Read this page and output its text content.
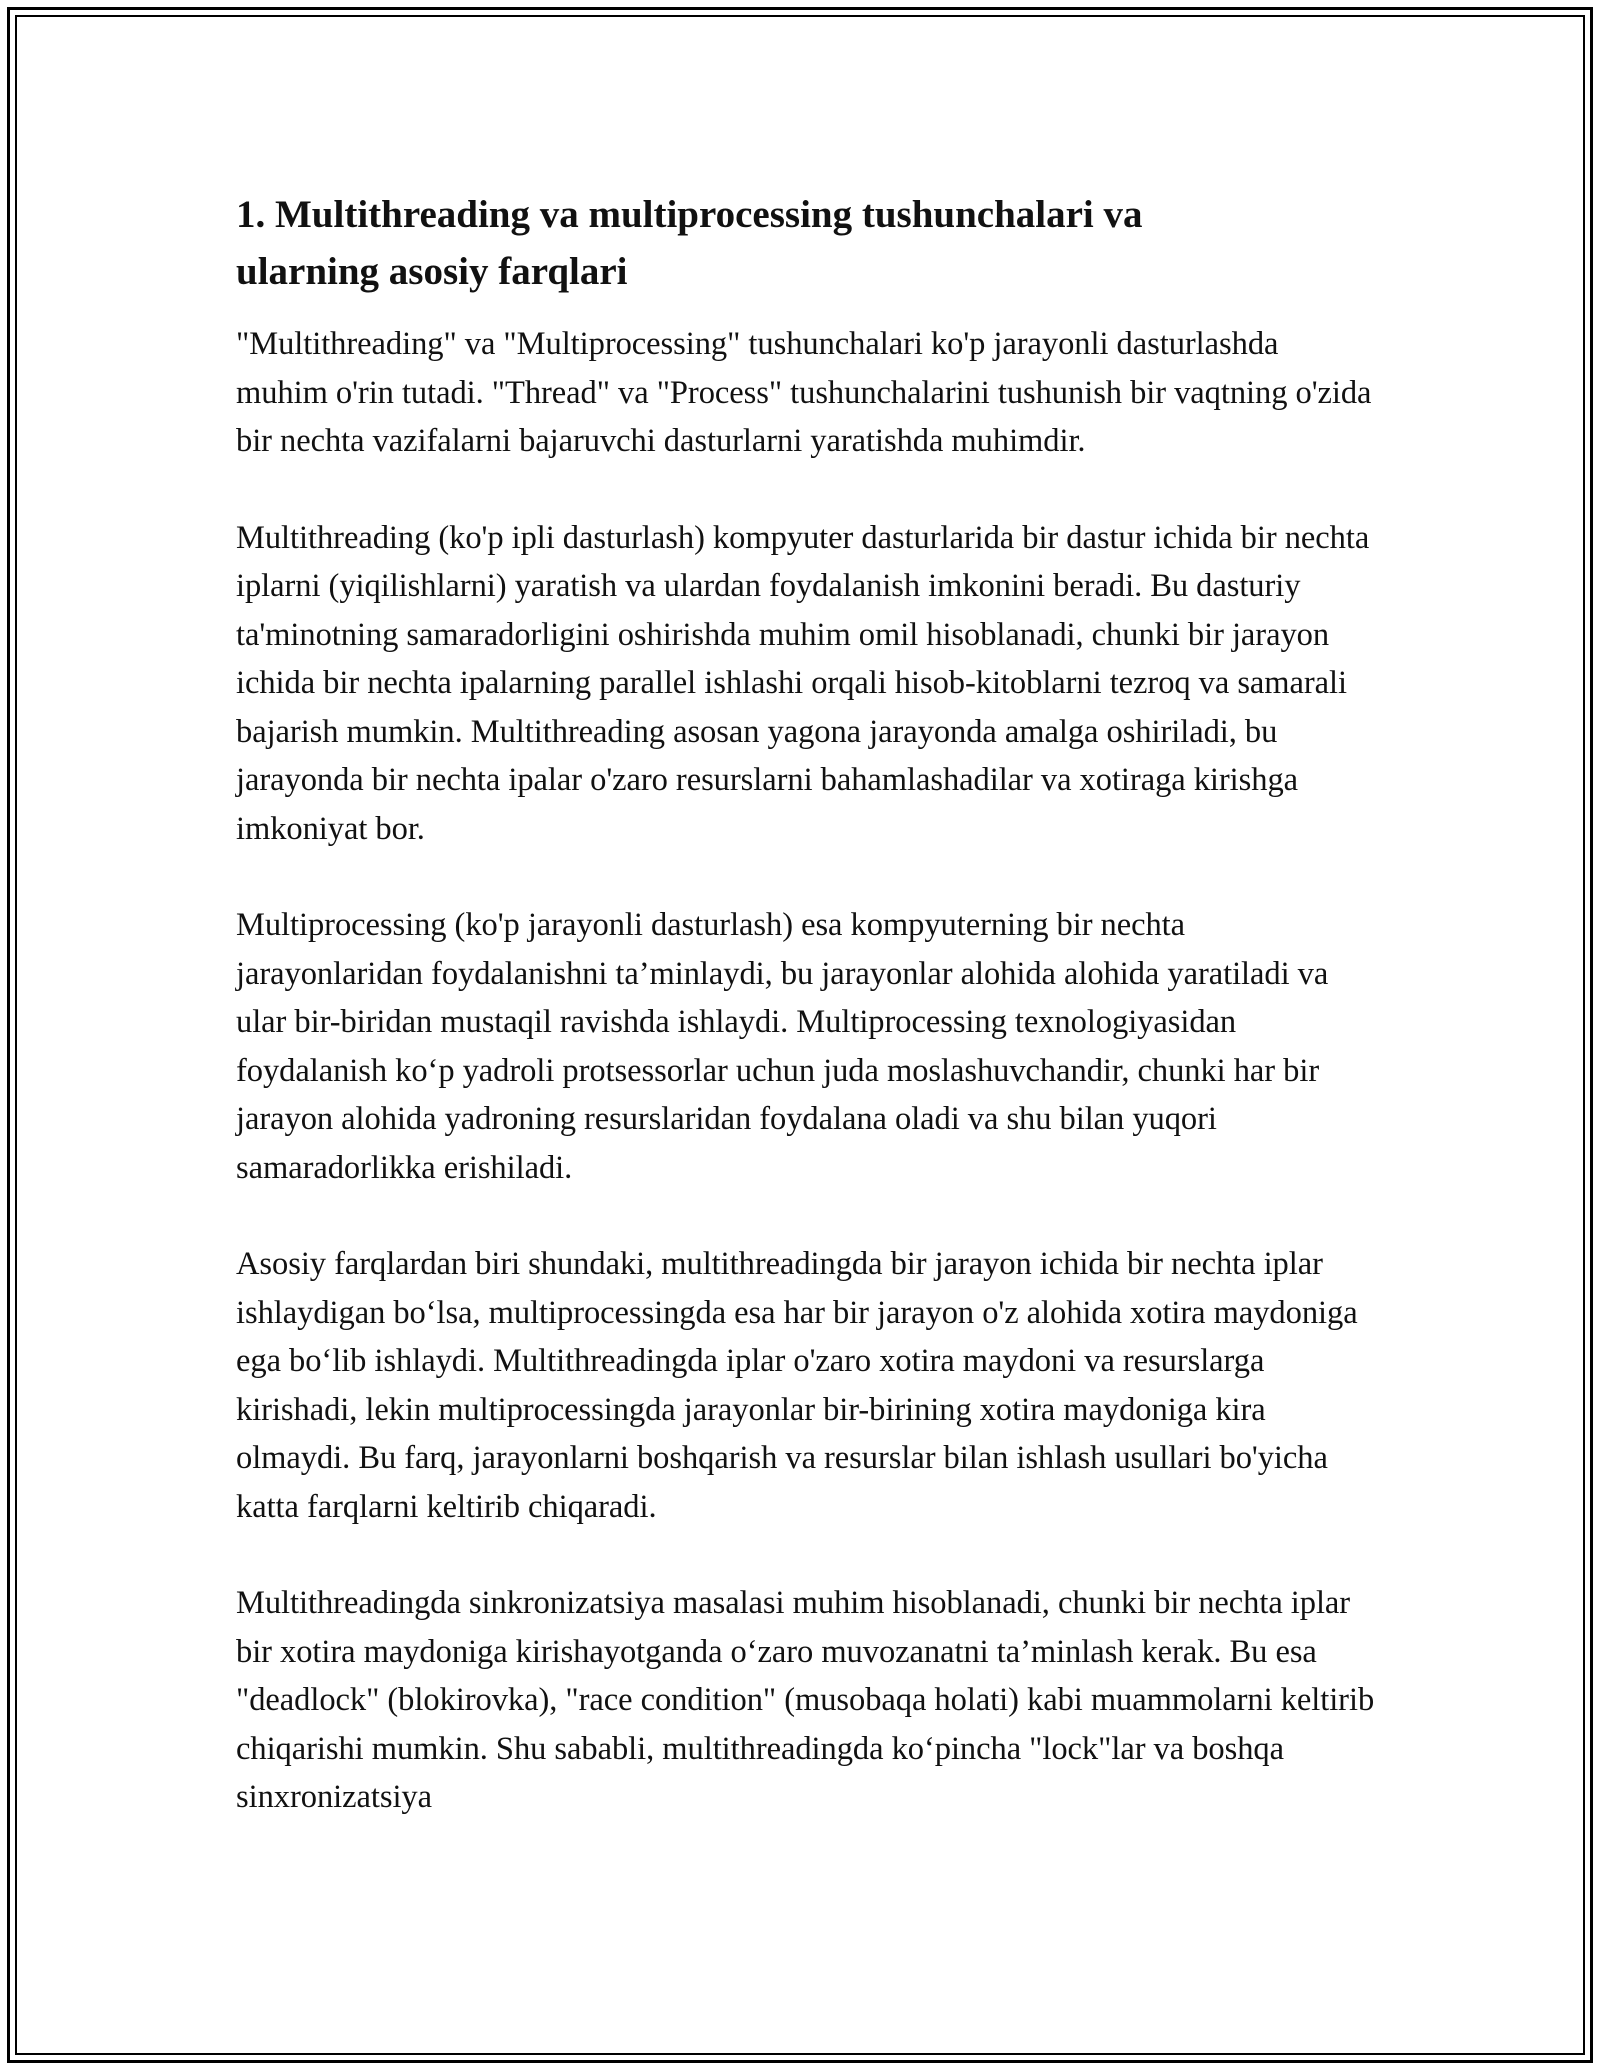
1. Multithreading va multiprocessing tushunchalari va ularning asosiy farqlari

"Multithreading" va "Multiprocessing" tushunchalari ko'p jarayonli dasturlashda muhim o'rin tutadi. "Thread" va "Process" tushunchalarini tushunish bir vaqtning o'zida bir nechta vazifalarni bajaruvchi dasturlarni yaratishda muhimdir.

Multithreading (ko'p ipli dasturlash) kompyuter dasturlarida bir dastur ichida bir nechta iplarni (yiqilishlarni) yaratish va ulardan foydalanish imkonini beradi. Bu dasturiy ta'minotning samaradorligini oshirishda muhim omil hisoblanadi, chunki bir jarayon ichida bir nechta ipalarning parallel ishlashi orqali hisob-kitoblarni tezroq va samarali bajarish mumkin. Multithreading asosan yagona jarayonda amalga oshiriladi, bu jarayonda bir nechta ipalar o'zaro resurslarni bahamlashadilar va xotiraga kirishga imkoniyat bor.

Multiprocessing (ko'p jarayonli dasturlash) esa kompyuterning bir nechta jarayonlaridan foydalanishni ta’minlaydi, bu jarayonlar alohida alohida yaratiladi va ular bir-biridan mustaqil ravishda ishlaydi. Multiprocessing texnologiyasidan foydalanish ko‘p yadroli protsessorlar uchun juda moslashuvchandir, chunki har bir jarayon alohida yadroning resurslaridan foydalana oladi va shu bilan yuqori samaradorlikka erishiladi.

Asosiy farqlardan biri shundaki, multithreadingda bir jarayon ichida bir nechta iplar ishlaydigan bo‘lsa, multiprocessingda esa har bir jarayon o'z alohida xotira maydoniga ega bo‘lib ishlaydi. Multithreadingda iplar o'zaro xotira maydoni va resurslarga kirishadi, lekin multiprocessingda jarayonlar bir-birining xotira maydoniga kira olmaydi. Bu farq, jarayonlarni boshqarish va resurslar bilan ishlash usullari bo'yicha katta farqlarni keltirib chiqaradi.

Multithreadingda sinkronizatsiya masalasi muhim hisoblanadi, chunki bir nechta iplar bir xotira maydoniga kirishayotganda o‘zaro muvozanatni ta’minlash kerak. Bu esa "deadlock" (blokirovka), "race condition" (musobaqa holati) kabi muammolarni keltirib chiqarishi mumkin. Shu sababli, multithreadingda ko‘pincha "lock"lar va boshqa sinxronizatsiya
